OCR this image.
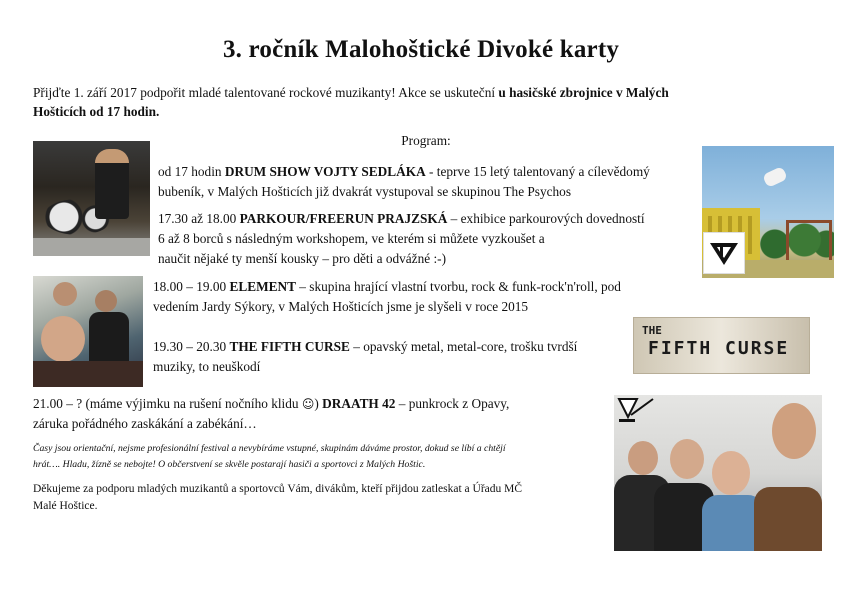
3. ročník Malohoštické Divoké karty
Přijďte 1. září 2017 podpořit mladé talentované rockové muzikanty! Akce se uskuteční u hasičské zbrojnice v Malých
Hošticích od 17 hodin.
Program:
od 17 hodin DRUM SHOW VOJTY SEDLÁKA - teprve 15 letý talentovaný a cílevědomý
bubeník, v Malých Hošticích již dvakrát vystupoval se skupinou The Psychos
17.30 až 18.00 PARKOUR/FREERUN PRAJZSKÁ – exhibice parkourových dovedností
6 až 8 borců s následným workshopem, ve kterém si můžete vyzkoušet a
naučit nějaké ty menší kousky – pro děti a odvážné :-)
18.00 – 19.00 ELEMENT – skupina hrající vlastní tvorbu, rock & funk-rock'n'roll, pod
vedením Jardy Sýkory, v Malých Hošticích jsme je slyšeli v roce 2015
THE
FIFTH CURSE
19.30 – 20.30 THE FIFTH CURSE – opavský metal, metal-core, trošku tvrdší
muziky, to neuškodí
21.00 – ? (máme výjimku na rušení nočního klidu ☺) DRAATH 42 – punkrock z Opavy,
záruka pořádného zaskákání a zabékání…
Časy jsou orientační, nejsme profesionální festival a nevybíráme vstupné, skupinám dáváme prostor, dokud se líbí a chtějí
hrát…. Hladu, žízně se nebojte! O občerstvení se skvěle postarají hasiči a sportovci z Malých Hoštic.
Děkujeme za podporu mladých muzikantů a sportovců Vám, divákům, kteří přijdou zatleskat a Úřadu MČ
Malé Hoštice.
